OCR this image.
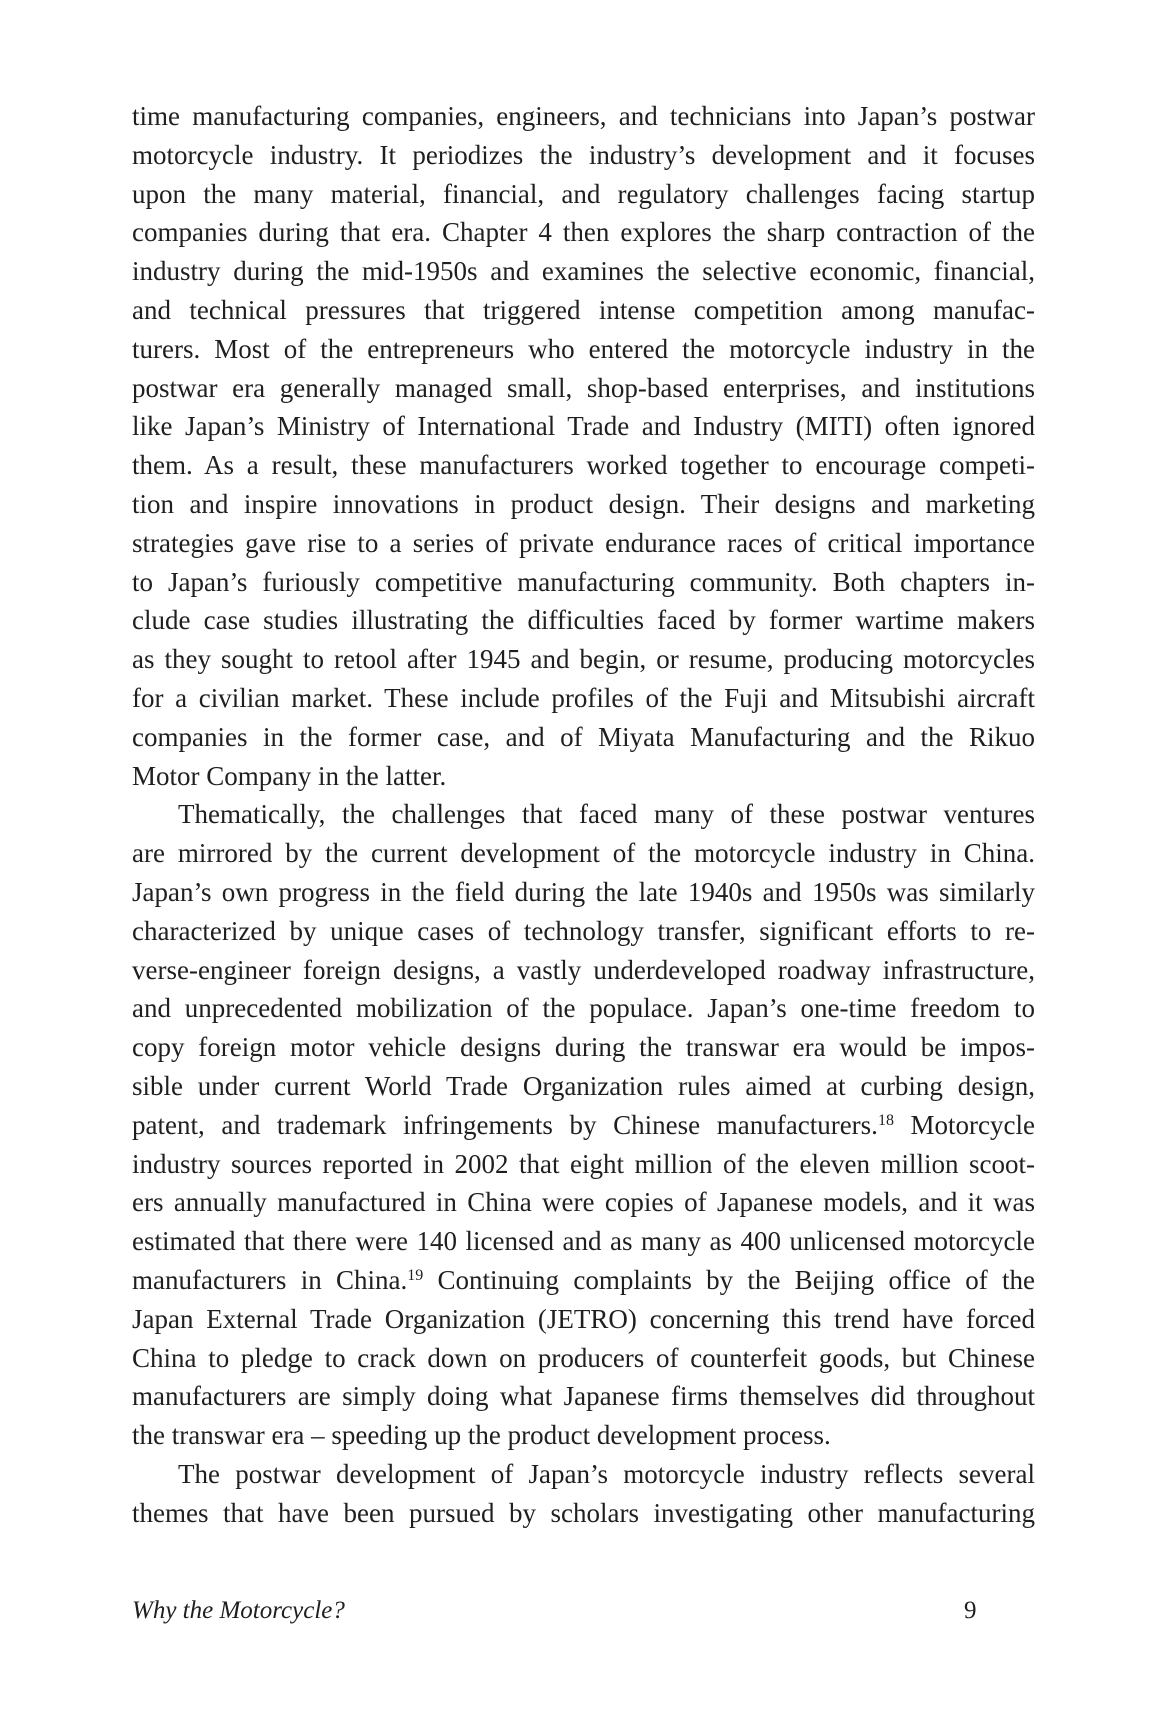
time manufacturing companies, engineers, and technicians into Japan’s postwar
motorcycle industry. It periodizes the industry’s development and it focuses
upon the many material, financial, and regulatory challenges facing startup
companies during that era. Chapter 4 then explores the sharp contraction of the
industry during the mid-1950s and examines the selective economic, financial,
and technical pressures that triggered intense competition among manufac-
turers. Most of the entrepreneurs who entered the motorcycle industry in the
postwar era generally managed small, shop-based enterprises, and institutions
like Japan’s Ministry of International Trade and Industry (MITI) often ignored
them. As a result, these manufacturers worked together to encourage competi-
tion and inspire innovations in product design. Their designs and marketing
strategies gave rise to a series of private endurance races of critical importance
to Japan’s furiously competitive manufacturing community. Both chapters in-
clude case studies illustrating the difficulties faced by former wartime makers
as they sought to retool after 1945 and begin, or resume, producing motorcycles
for a civilian market. These include profiles of the Fuji and Mitsubishi aircraft
companies in the former case, and of Miyata Manufacturing and the Rikuo
Motor Company in the latter.
Thematically, the challenges that faced many of these postwar ventures
are mirrored by the current development of the motorcycle industry in China.
Japan’s own progress in the field during the late 1940s and 1950s was similarly
characterized by unique cases of technology transfer, significant efforts to re-
verse-engineer foreign designs, a vastly underdeveloped roadway infrastructure,
and unprecedented mobilization of the populace. Japan’s one-time freedom to
copy foreign motor vehicle designs during the transwar era would be impos-
sible under current World Trade Organization rules aimed at curbing design,
patent, and trademark infringements by Chinese manufacturers.$^{18}$ Motorcycle
industry sources reported in 2002 that eight million of the eleven million scoot-
ers annually manufactured in China were copies of Japanese models, and it was
estimated that there were 140 licensed and as many as 400 unlicensed motorcycle
manufacturers in China.$^{19}$ Continuing complaints by the Beijing office of the
Japan External Trade Organization (JETRO) concerning this trend have forced
China to pledge to crack down on producers of counterfeit goods, but Chinese
manufacturers are simply doing what Japanese firms themselves did throughout
the transwar era – speeding up the product development process.
The postwar development of Japan’s motorcycle industry reflects several
themes that have been pursued by scholars investigating other manufacturing
Why the Motorcycle?	9
